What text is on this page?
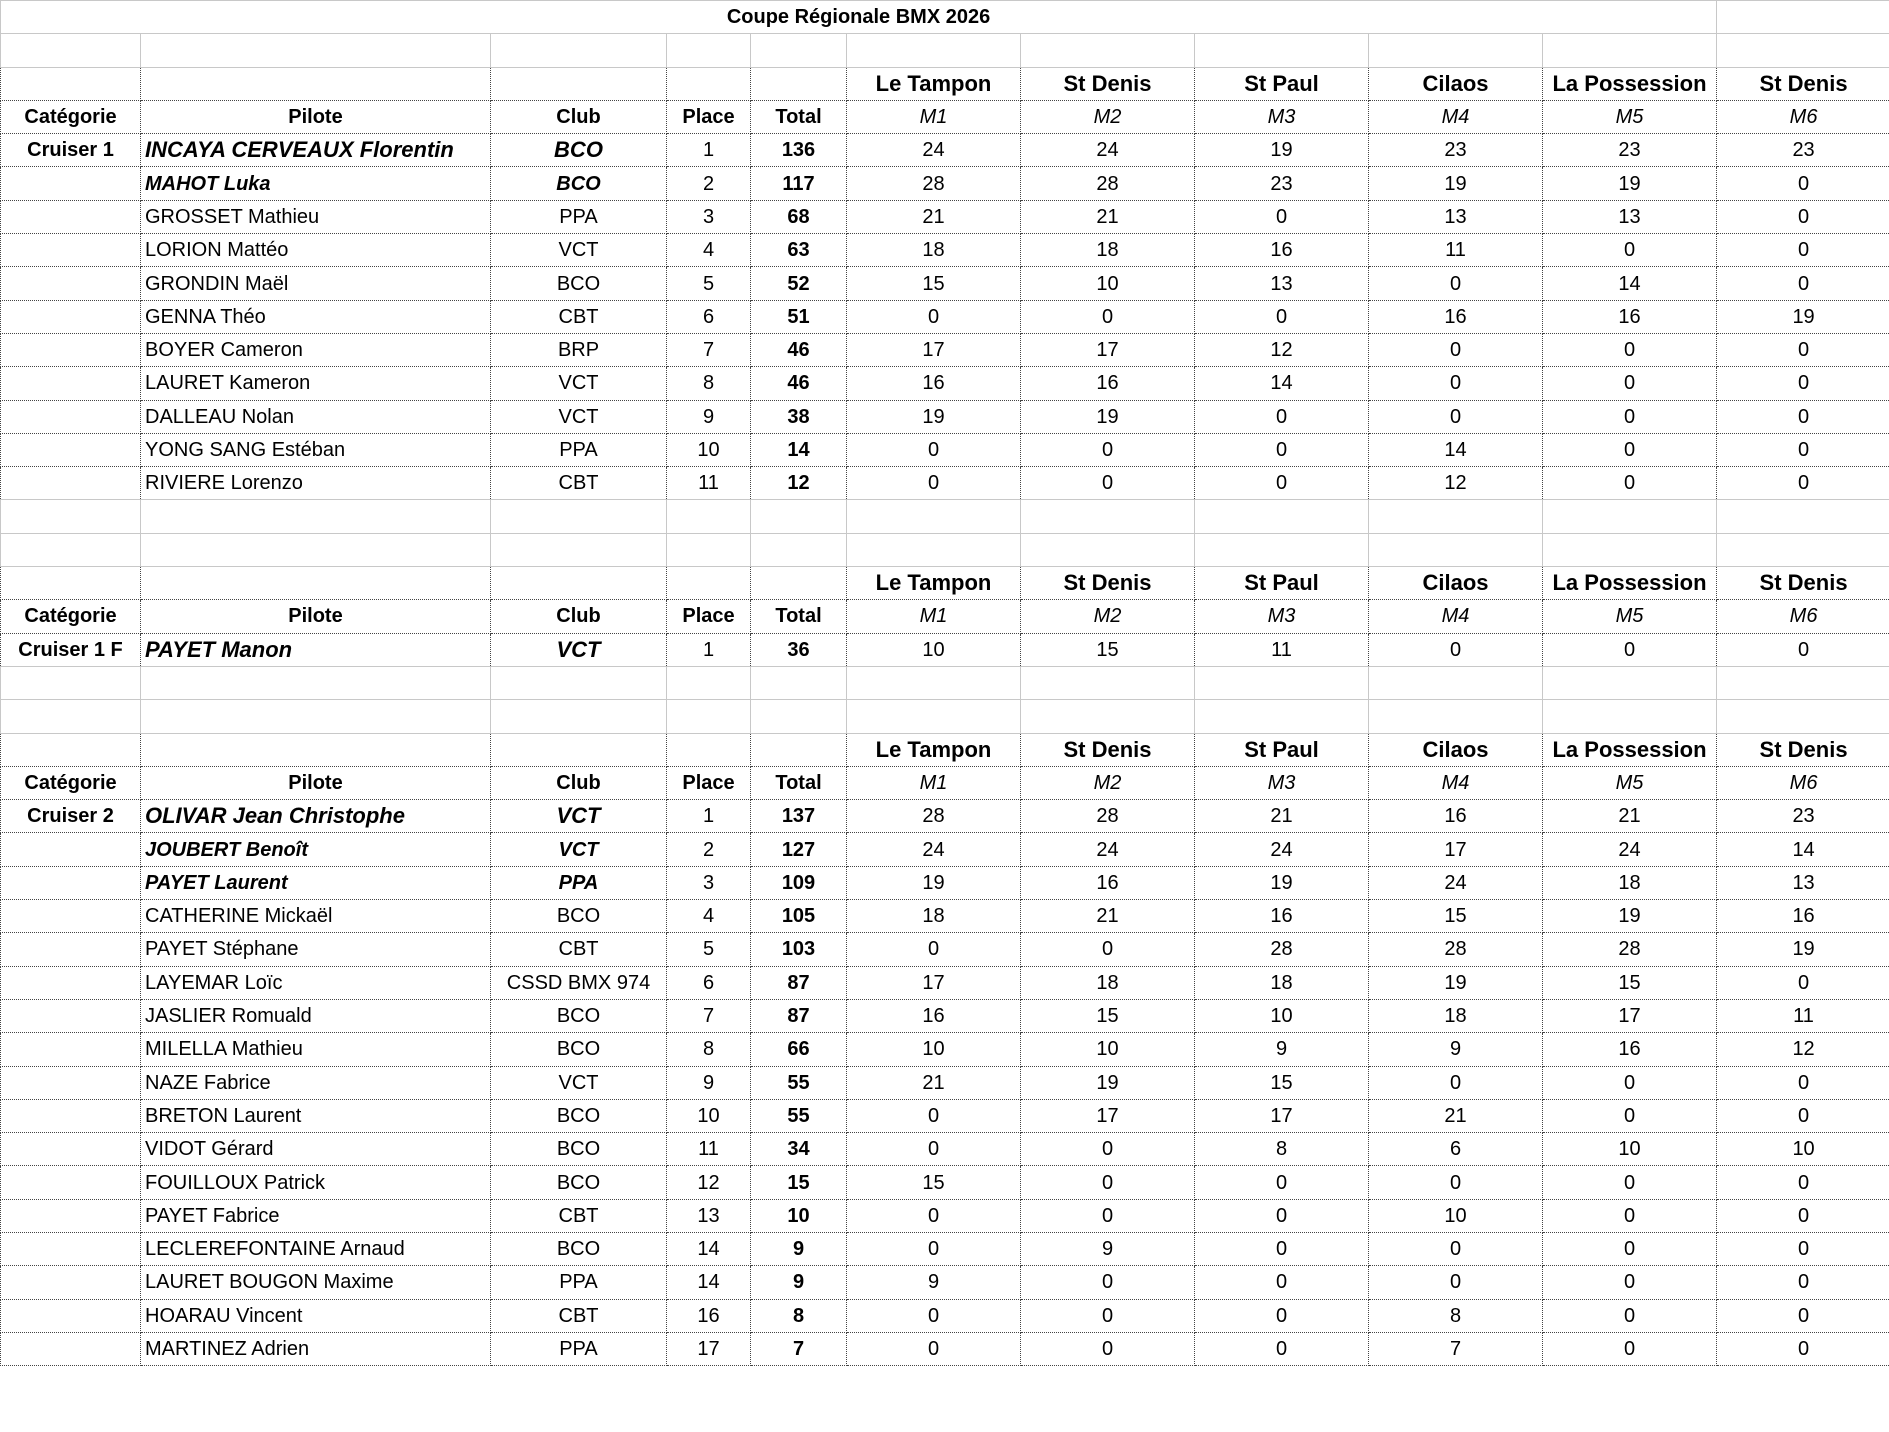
Coupe Régionale BMX 2026										

					Le Tampon	St Denis	St Paul	Cilaos	La Possession	St Denis
Catégorie	Pilote	Club	Place	Total	M1	M2	M3	M4	M5	M6
Cruiser 1	INCAYA CERVEAUX Florentin	BCO	1	136	24	24	19	23	23	23
	MAHOT Luka	BCO	2	117	28	28	23	19	19	0
	GROSSET Mathieu	PPA	3	68	21	21	0	13	13	0
	LORION Mattéo	VCT	4	63	18	18	16	11	0	0
	GRONDIN Maël	BCO	5	52	15	10	13	0	14	0
	GENNA Théo	CBT	6	51	0	0	0	16	16	19
	BOYER Cameron	BRP	7	46	17	17	12	0	0	0
	LAURET Kameron	VCT	8	46	16	16	14	0	0	0
	DALLEAU Nolan	VCT	9	38	19	19	0	0	0	0
	YONG SANG Estéban	PPA	10	14	0	0	0	14	0	0
	RIVIERE Lorenzo	CBT	11	12	0	0	0	12	0	0

					Le Tampon	St Denis	St Paul	Cilaos	La Possession	St Denis
Catégorie	Pilote	Club	Place	Total	M1	M2	M3	M4	M5	M6
Cruiser 1 F	PAYET Manon	VCT	1	36	10	15	11	0	0	0

					Le Tampon	St Denis	St Paul	Cilaos	La Possession	St Denis
Catégorie	Pilote	Club	Place	Total	M1	M2	M3	M4	M5	M6
Cruiser 2	OLIVAR Jean Christophe	VCT	1	137	28	28	21	16	21	23
	JOUBERT Benoît	VCT	2	127	24	24	24	17	24	14
	PAYET Laurent	PPA	3	109	19	16	19	24	18	13
	CATHERINE Mickaël	BCO	4	105	18	21	16	15	19	16
	PAYET Stéphane	CBT	5	103	0	0	28	28	28	19
	LAYEMAR Loïc	CSSD BMX 974	6	87	17	18	18	19	15	0
	JASLIER Romuald	BCO	7	87	16	15	10	18	17	11
	MILELLA Mathieu	BCO	8	66	10	10	9	9	16	12
	NAZE Fabrice	VCT	9	55	21	19	15	0	0	0
	BRETON Laurent	BCO	10	55	0	17	17	21	0	0
	VIDOT Gérard	BCO	11	34	0	0	8	6	10	10
	FOUILLOUX Patrick	BCO	12	15	15	0	0	0	0	0
	PAYET Fabrice	CBT	13	10	0	0	0	10	0	0
	LECLEREFONTAINE Arnaud	BCO	14	9	0	9	0	0	0	0
	LAURET BOUGON Maxime	PPA	14	9	9	0	0	0	0	0
	HOARAU Vincent	CBT	16	8	0	0	0	8	0	0
	MARTINEZ Adrien	PPA	17	7	0	0	0	7	0	0
